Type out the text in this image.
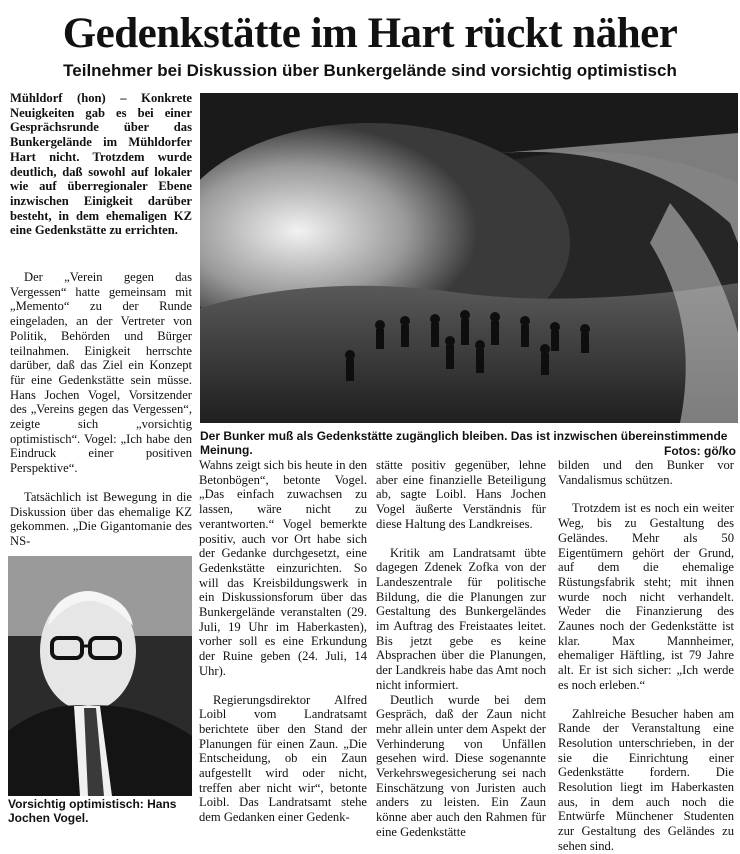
Gedenkstätte im Hart rückt näher
Teilnehmer bei Diskussion über Bunkergelände sind vorsichtig optimistisch

Mühldorf (hon) – Konkrete Neuigkeiten gab es bei einer Gesprächsrunde über das Bunkergelände im Mühldorfer Hart nicht. Trotzdem wurde deutlich, daß sowohl auf lokaler wie auf überregionaler Ebene inzwischen Einigkeit darüber besteht, in dem ehemaligen KZ eine Gedenkstätte zu errichten.

Der „Verein gegen das Vergessen“ hatte gemeinsam mit „Memento“ zu der Runde eingeladen, an der Vertreter von Politik, Behörden und Bürger teilnahmen. Einigkeit herrschte darüber, daß das Ziel ein Konzept für eine Gedenkstätte sein müsse. Hans Jochen Vogel, Vorsitzender des „Vereins gegen das Vergessen“, zeigte sich „vorsichtig optimistisch“. Vogel: „Ich habe den Eindruck einer positiven Perspektive“.

Tatsächlich ist Bewegung in die Diskussion über das ehemalige KZ gekommen. „Die Gigantomanie des NS-

Der Bunker muß als Gedenkstätte zugänglich bleiben. Das ist inzwischen übereinstimmende Meinung.	Fotos: gö/ko

Wahns zeigt sich bis heute in den Betonbögen“, betonte Vogel. „Das einfach zuwachsen zu lassen, wäre nicht zu verantworten.“ Vogel bemerkte positiv, auch vor Ort habe sich der Gedanke durchgesetzt, eine Gedenkstätte einzurichten. So will das Kreisbildungswerk in ein Diskussionsforum über das Bunkergelände veranstalten (29. Juli, 19 Uhr im Haberkasten), vorher soll es eine Erkundung der Ruine geben (24. Juli, 14 Uhr).

Regierungsdirektor Alfred Loibl vom Landratsamt berichtete über den Stand der Planungen für einen Zaun. „Die Entscheidung, ob ein Zaun aufgestellt wird oder nicht, treffen aber nicht wir“, betonte Loibl. Das Landratsamt stehe dem Gedanken einer Gedenk-

stätte positiv gegenüber, lehne aber eine finanzielle Beteiligung ab, sagte Loibl. Hans Jochen Vogel äußerte Verständnis für diese Haltung des Landkreises.

Kritik am Landratsamt übte dagegen Zdenek Zofka von der Landeszentrale für politische Bildung, die die Planungen zur Gestaltung des Bunkergeländes im Auftrag des Freistaates leitet. Bis jetzt gebe es keine Absprachen über die Planungen, der Landkreis habe das Amt noch nicht informiert.

Deutlich wurde bei dem Gespräch, daß der Zaun nicht mehr allein unter dem Aspekt der Verhinderung von Unfällen gesehen wird. Diese sogenannte Verkehrswegesicherung sei nach Einschätzung von Juristen auch anders zu leisten. Ein Zaun könne aber auch den Rahmen für eine Gedenkstätte

bilden und den Bunker vor Vandalismus schützen.

Trotzdem ist es noch ein weiter Weg, bis zu Gestaltung des Geländes. Mehr als 50 Eigentümern gehört der Grund, auf dem die ehemalige Rüstungsfabrik steht; mit ihnen wurde noch nicht verhandelt. Weder die Finanzierung des Zaunes noch der Gedenkstätte ist klar. Max Mannheimer, ehemaliger Häftling, ist 79 Jahre alt. Er ist sich sicher: „Ich werde es noch erleben.“

Zahlreiche Besucher haben am Rande der Veranstaltung eine Resolution unterschrieben, in der sie die Einrichtung einer Gedenkstätte fordern. Die Resolution liegt im Haberkasten aus, in dem auch noch die Entwürfe Münchener Studenten zur Gestaltung des Geländes zu sehen sind.

Vorsichtig optimistisch: Hans Jochen Vogel.
